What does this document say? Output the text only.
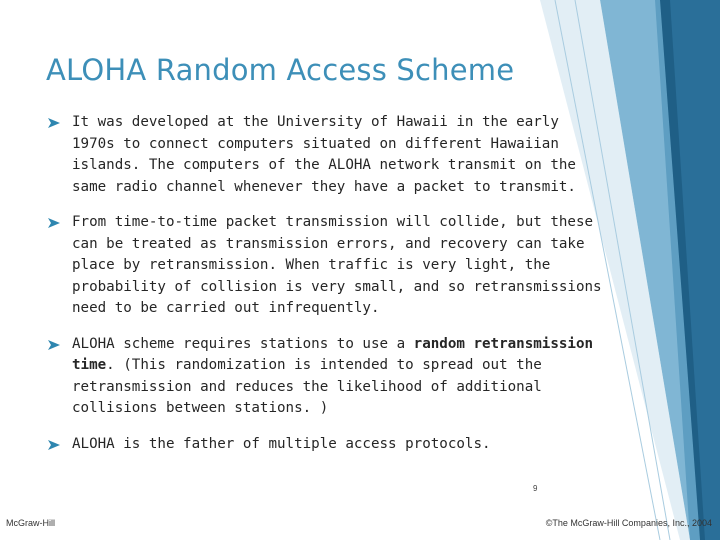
ALOHA Random Access Scheme
It was developed at the University of Hawaii in the early 1970s to connect computers situated on different Hawaiian islands. The computers of the ALOHA network transmit on the same radio channel whenever they have a packet to transmit.
From time-to-time packet transmission will collide, but these can be treated as transmission errors, and recovery can take place by retransmission. When traffic is very light, the probability of collision is very small, and so retransmissions need to be carried out infrequently.
ALOHA scheme requires stations to use a random retransmission time. (This randomization is intended to spread out the retransmission and reduces the likelihood of additional collisions between stations. )
ALOHA is the father of multiple access protocols.
9
McGraw-Hill	©The McGraw-Hill Companies, Inc., 2004
